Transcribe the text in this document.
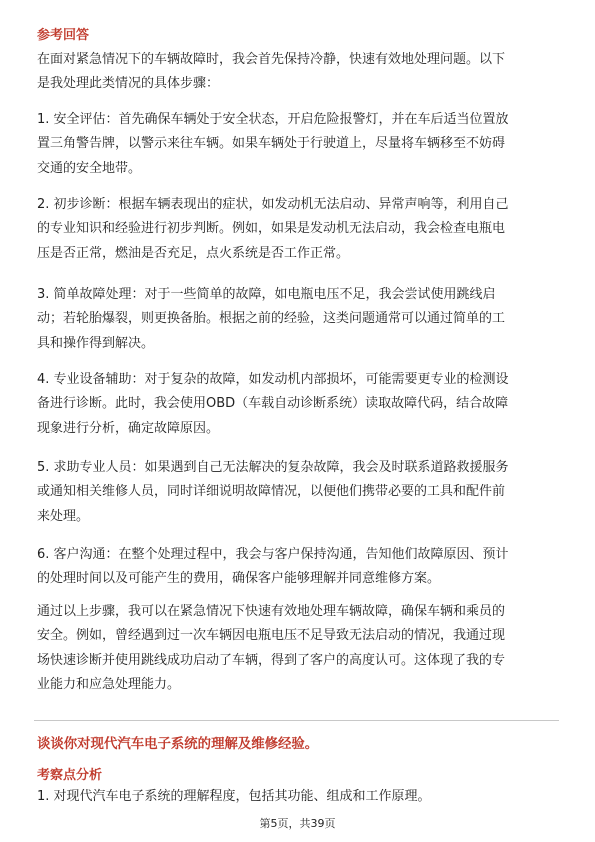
参考回答
在面对紧急情况下的车辆故障时，我会首先保持冷静，快速有效地处理问题。以下
是我处理此类情况的具体步骤：
1. 安全评估：首先确保车辆处于安全状态，开启危险报警灯，并在车后适当位置放
置三角警告牌，以警示来往车辆。如果车辆处于行驶道上，尽量将车辆移至不妨碍
交通的安全地带。
2. 初步诊断：根据车辆表现出的症状，如发动机无法启动、异常声响等，利用自己
的专业知识和经验进行初步判断。例如，如果是发动机无法启动，我会检查电瓶电
压是否正常，燃油是否充足，点火系统是否工作正常。
3. 简单故障处理：对于一些简单的故障，如电瓶电压不足，我会尝试使用跳线启
动；若轮胎爆裂，则更换备胎。根据之前的经验，这类问题通常可以通过简单的工
具和操作得到解决。
4. 专业设备辅助：对于复杂的故障，如发动机内部损坏，可能需要更专业的检测设
备进行诊断。此时，我会使用OBD（车载自动诊断系统）读取故障代码，结合故障
现象进行分析，确定故障原因。
5. 求助专业人员：如果遇到自己无法解决的复杂故障，我会及时联系道路救援服务
或通知相关维修人员，同时详细说明故障情况，以便他们携带必要的工具和配件前
来处理。
6. 客户沟通：在整个处理过程中，我会与客户保持沟通，告知他们故障原因、预计
的处理时间以及可能产生的费用，确保客户能够理解并同意维修方案。
通过以上步骤，我可以在紧急情况下快速有效地处理车辆故障，确保车辆和乘员的
安全。例如，曾经遇到过一次车辆因电瓶电压不足导致无法启动的情况，我通过现
场快速诊断并使用跳线成功启动了车辆，得到了客户的高度认可。这体现了我的专
业能力和应急处理能力。
谈谈你对现代汽车电子系统的理解及维修经验。
考察点分析
1. 对现代汽车电子系统的理解程度，包括其功能、组成和工作原理。
第5页，共39页
